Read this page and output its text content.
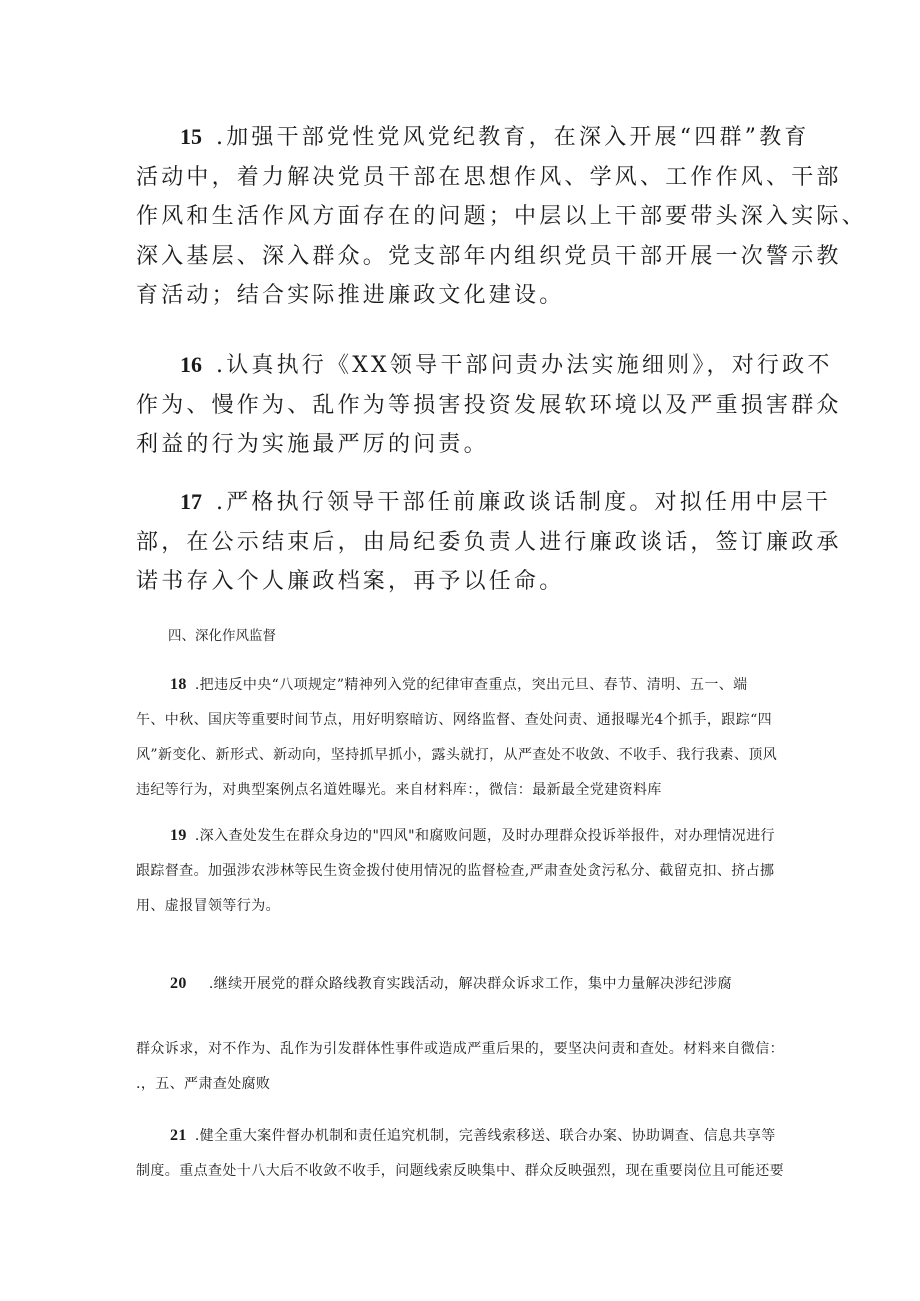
15 .加强干部党性党风党纪教育，在深入开展“四群”教育
活动中，着力解决党员干部在思想作风、学风、工作作风、干部
作风和生活作风方面存在的问题；中层以上干部要带头深入实际、
深入基层、深入群众。党支部年内组织党员干部开展一次警示教
育活动；结合实际推进廉政文化建设。
16 .认真执行《XX领导干部问责办法实施细则》，对行政不
作为、慢作为、乱作为等损害投资发展软环境以及严重损害群众
利益的行为实施最严厉的问责。
17 .严格执行领导干部任前廉政谈话制度。对拟任用中层干
部，在公示结束后，由局纪委负责人进行廉政谈话，签订廉政承
诺书存入个人廉政档案，再予以任命。

四、深化作风监督

18 .把违反中央“八项规定”精神列入党的纪律审查重点，突出元旦、春节、清明、五一、端
午、中秋、国庆等重要时间节点，用好明察暗访、网络监督、查处问责、通报曝光4个抓手，跟踪“四
风”新变化、新形式、新动向，坚持抓早抓小，露头就打，从严查处不收敛、不收手、我行我素、顶风
违纪等行为，对典型案例点名道姓曝光。来自材料库：，微信：最新最全党建资料库
19 .深入查处发生在群众身边的"四风"和腐败问题，及时办理群众投诉举报件，对办理情况进行
跟踪督查。加强涉农涉林等民生资金拨付使用情况的监督检查,严肃查处贪污私分、截留克扣、挤占挪
用、虚报冒领等行为。
20 .继续开展党的群众路线教育实践活动，解决群众诉求工作，集中力量解决涉纪涉腐
群众诉求，对不作为、乱作为引发群体性事件或造成严重后果的，要坚决问责和查处。材料来自微信：
.，五、严肃查处腐败
21 .健全重大案件督办机制和责任追究机制，完善线索移送、联合办案、协助调查、信息共享等
制度。重点查处十八大后不收敛不收手，问题线索反映集中、群众反映强烈，现在重要岗位且可能还要
